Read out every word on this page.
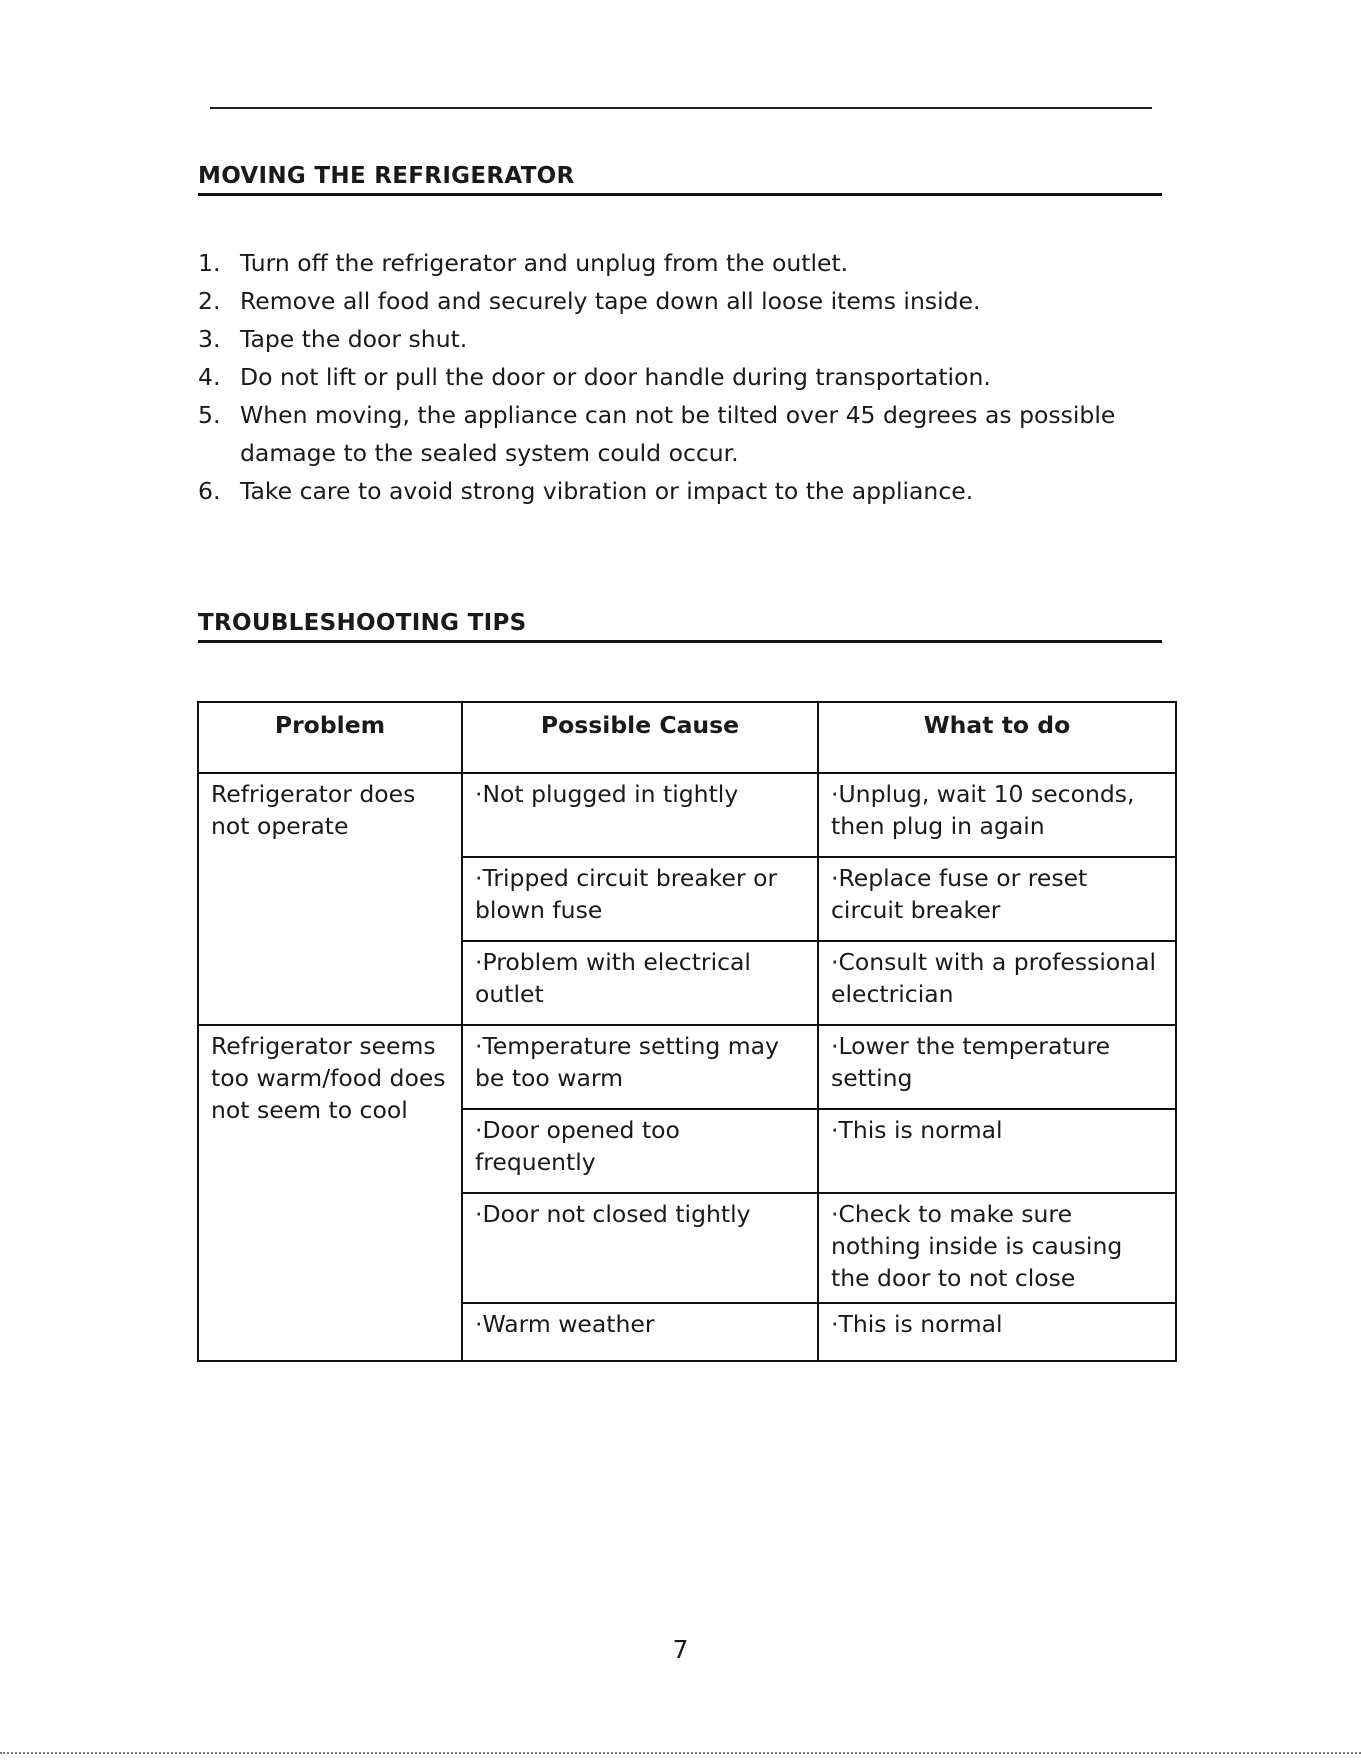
MOVING THE REFRIGERATOR
1. Turn off the refrigerator and unplug from the outlet.
2. Remove all food and securely tape down all loose items inside.
3. Tape the door shut.
4. Do not lift or pull the door or door handle during transportation.
5. When moving, the appliance can not be tilted over 45 degrees as possible damage to the sealed system could occur.
6. Take care to avoid strong vibration or impact to the appliance.
TROUBLESHOOTING TIPS
Problem	Possible Cause	What to do
Refrigerator does not operate	·Not plugged in tightly	·Unplug, wait 10 seconds, then plug in again
	·Tripped circuit breaker or blown fuse	·Replace fuse or reset circuit breaker
	·Problem with electrical outlet	·Consult with a professional electrician
Refrigerator seems too warm/food does not seem to cool	·Temperature setting may be too warm	·Lower the temperature setting
	·Door opened too frequently	·This is normal
	·Door not closed tightly	·Check to make sure nothing inside is causing the door to not close
	·Warm weather	·This is normal
7
